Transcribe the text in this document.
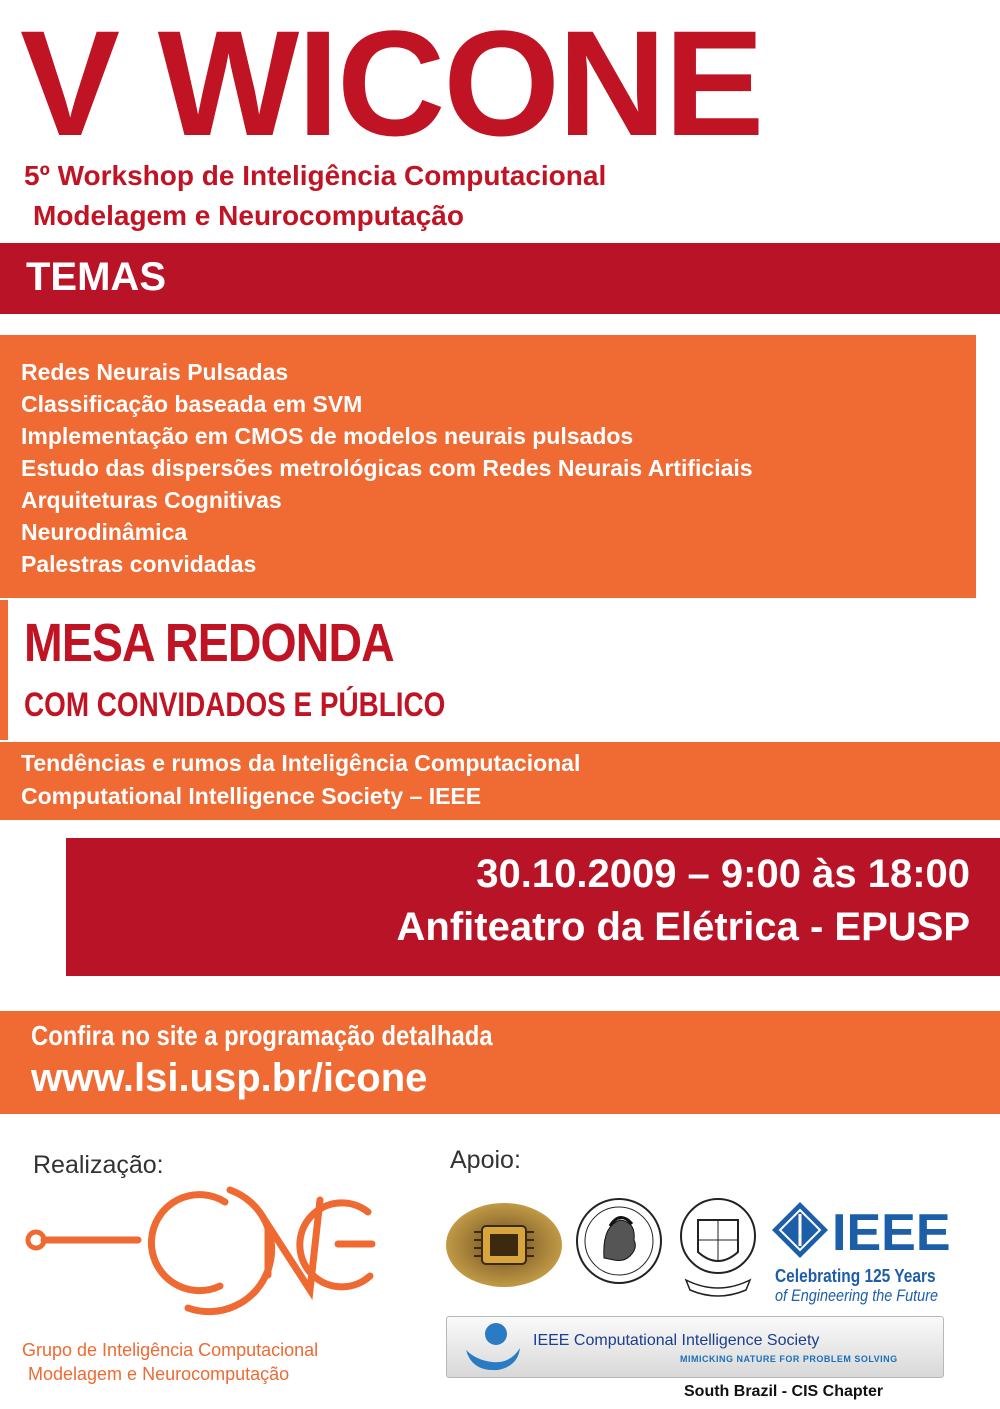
V WICONE
5º Workshop de Inteligência Computacional
Modelagem e Neurocomputação
TEMAS
Redes Neurais Pulsadas
Classificação baseada em SVM
Implementação em CMOS de modelos neurais pulsados
Estudo das dispersões metrológicas com Redes Neurais Artificiais
Arquiteturas Cognitivas
Neurodinâmica
Palestras convidadas
MESA REDONDA
COM CONVIDADOS E PÚBLICO
Tendências e rumos da Inteligência Computacional
Computational Intelligence Society – IEEE
30.10.2009 – 9:00 às 18:00
Anfiteatro da Elétrica - EPUSP
Confira no site a programação detalhada
www.lsi.usp.br/icone
Realização:	Apoio:
Grupo de Inteligência Computacional
Modelagem e Neurocomputação
IEEE
Celebrating 125 Years
of Engineering the Future
IEEE Computational Intelligence Society
MIMICKING NATURE FOR PROBLEM SOLVING
South Brazil - CIS Chapter
